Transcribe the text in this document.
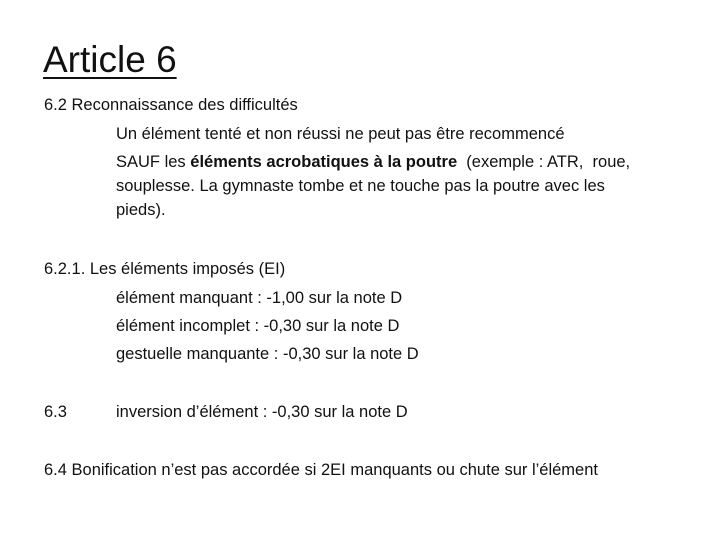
Article 6
6.2 Reconnaissance des difficultés
Un élément tenté et non réussi ne peut pas être recommencé
SAUF les éléments acrobatiques à la poutre  (exemple : ATR,  roue,
souplesse. La gymnaste tombe et ne touche pas la poutre avec les
pieds).
6.2.1. Les éléments imposés (EI)
élément manquant : -1,00 sur la note D
élément incomplet : -0,30 sur la note D
gestuelle manquante : -0,30 sur la note D
6.3	inversion d’élément : -0,30 sur la note D
6.4 Bonification n’est pas accordée si 2EI manquants ou chute sur l’élément
